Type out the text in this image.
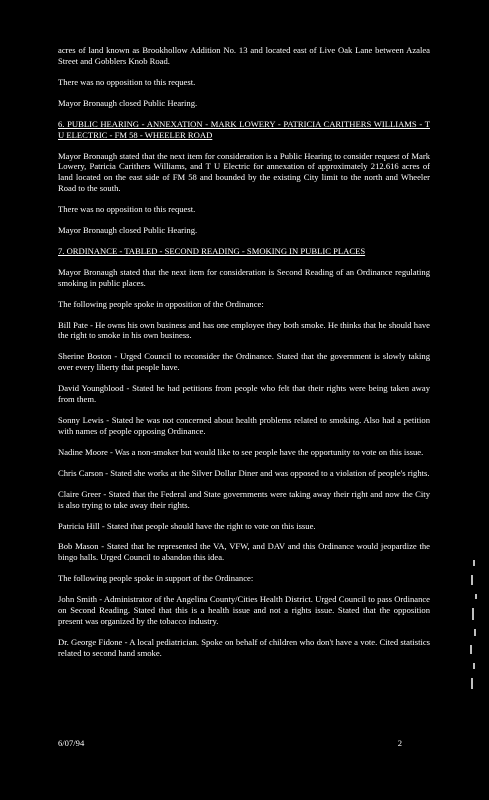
acres of land known as Brookhollow Addition No. 13 and located east of Live Oak Lane between Azalea Street and Gobblers Knob Road.

There was no opposition to this request.

Mayor Bronaugh closed Public Hearing.

6. PUBLIC HEARING - ANNEXATION - MARK LOWERY - PATRICIA CARITHERS WILLIAMS - T U ELECTRIC - FM 58 - WHEELER ROAD

Mayor Bronaugh stated that the next item for consideration is a Public Hearing to consider request of Mark Lowery, Patricia Carithers Williams, and T U Electric for annexation of approximately 212.616 acres of land located on the east side of FM 58 and bounded by the existing City limit to the north and Wheeler Road to the south.

There was no opposition to this request.

Mayor Bronaugh closed Public Hearing.

7. ORDINANCE - TABLED - SECOND READING - SMOKING IN PUBLIC PLACES

Mayor Bronaugh stated that the next item for consideration is Second Reading of an Ordinance regulating smoking in public places.

The following people spoke in opposition of the Ordinance:

Bill Pate - He owns his own business and has one employee they both smoke. He thinks that he should have the right to smoke in his own business.

Sherine Boston - Urged Council to reconsider the Ordinance. Stated that the government is slowly taking over every liberty that people have.

David Youngblood - Stated he had petitions from people who felt that their rights were being taken away from them.

Sonny Lewis - Stated he was not concerned about health problems related to smoking. Also had a petition with names of people opposing Ordinance.

Nadine Moore - Was a non-smoker but would like to see people have the opportunity to vote on this issue.

Chris Carson - Stated she works at the Silver Dollar Diner and was opposed to a violation of people's rights.

Claire Greer - Stated that the Federal and State governments were taking away their right and now the City is also trying to take away their rights.

Patricia Hill - Stated that people should have the right to vote on this issue.

Bob Mason - Stated that he represented the VA, VFW, and DAV and this Ordinance would jeopardize the bingo halls. Urged Council to abandon this idea.

The following people spoke in support of the Ordinance:

John Smith - Administrator of the Angelina County/Cities Health District. Urged Council to pass Ordinance on Second Reading. Stated that this is a health issue and not a rights issue. Stated that the opposition present was organized by the tobacco industry.

Dr. George Fidone - A local pediatrician. Spoke on behalf of children who don't have a vote. Cited statistics related to second hand smoke.

6/07/94	2
